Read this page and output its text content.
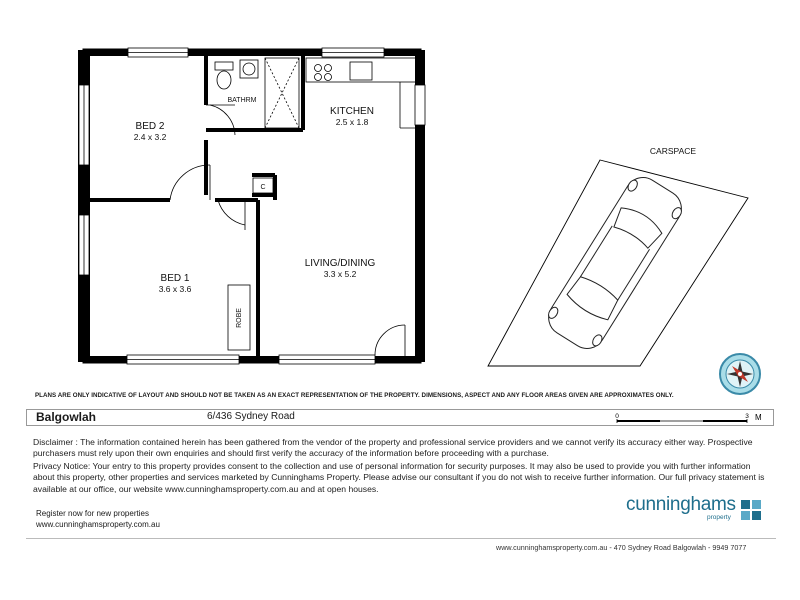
BED 2
2.4 x 3.2
KITCHEN
2.5 x 1.8
BED 1
3.6 x 3.6
LIVING/DINING
3.3 x 5.2
BATHRM
C
ROBE
CARSPACE
PLANS ARE ONLY INDICATIVE OF LAYOUT AND SHOULD NOT BE TAKEN AS AN EXACT REPRESENTATION OF THE PROPERTY. DIMENSIONS, ASPECT AND ANY FLOOR AREAS GIVEN ARE APPROXIMATES ONLY.
Balgowlah	6/436 Sydney Road	0	3 M
Disclaimer : The information contained herein has been gathered from the vendor of the property and professional service providers and we cannot verify its accuracy either way. Prospective purchasers must rely upon their own enquiries and should first verify the accuracy of the information before proceeding with a purchase.
Privacy Notice: Your entry to this property provides consent to the collection and use of personal information for security purposes. It may also be used to provide you with further information about this property, other properties and services marketed by Cunninghams Property. Please advise our consultant if you do not wish to receive further information. Our full privacy statement is available at our office, our website www.cunninghamsproperty.com.au and at open houses.
Register now for new properties
www.cunninghamsproperty.com.au
cunninghams
property
www.cunninghamsproperty.com.au - 470 Sydney Road Balgowlah - 9949 7077
